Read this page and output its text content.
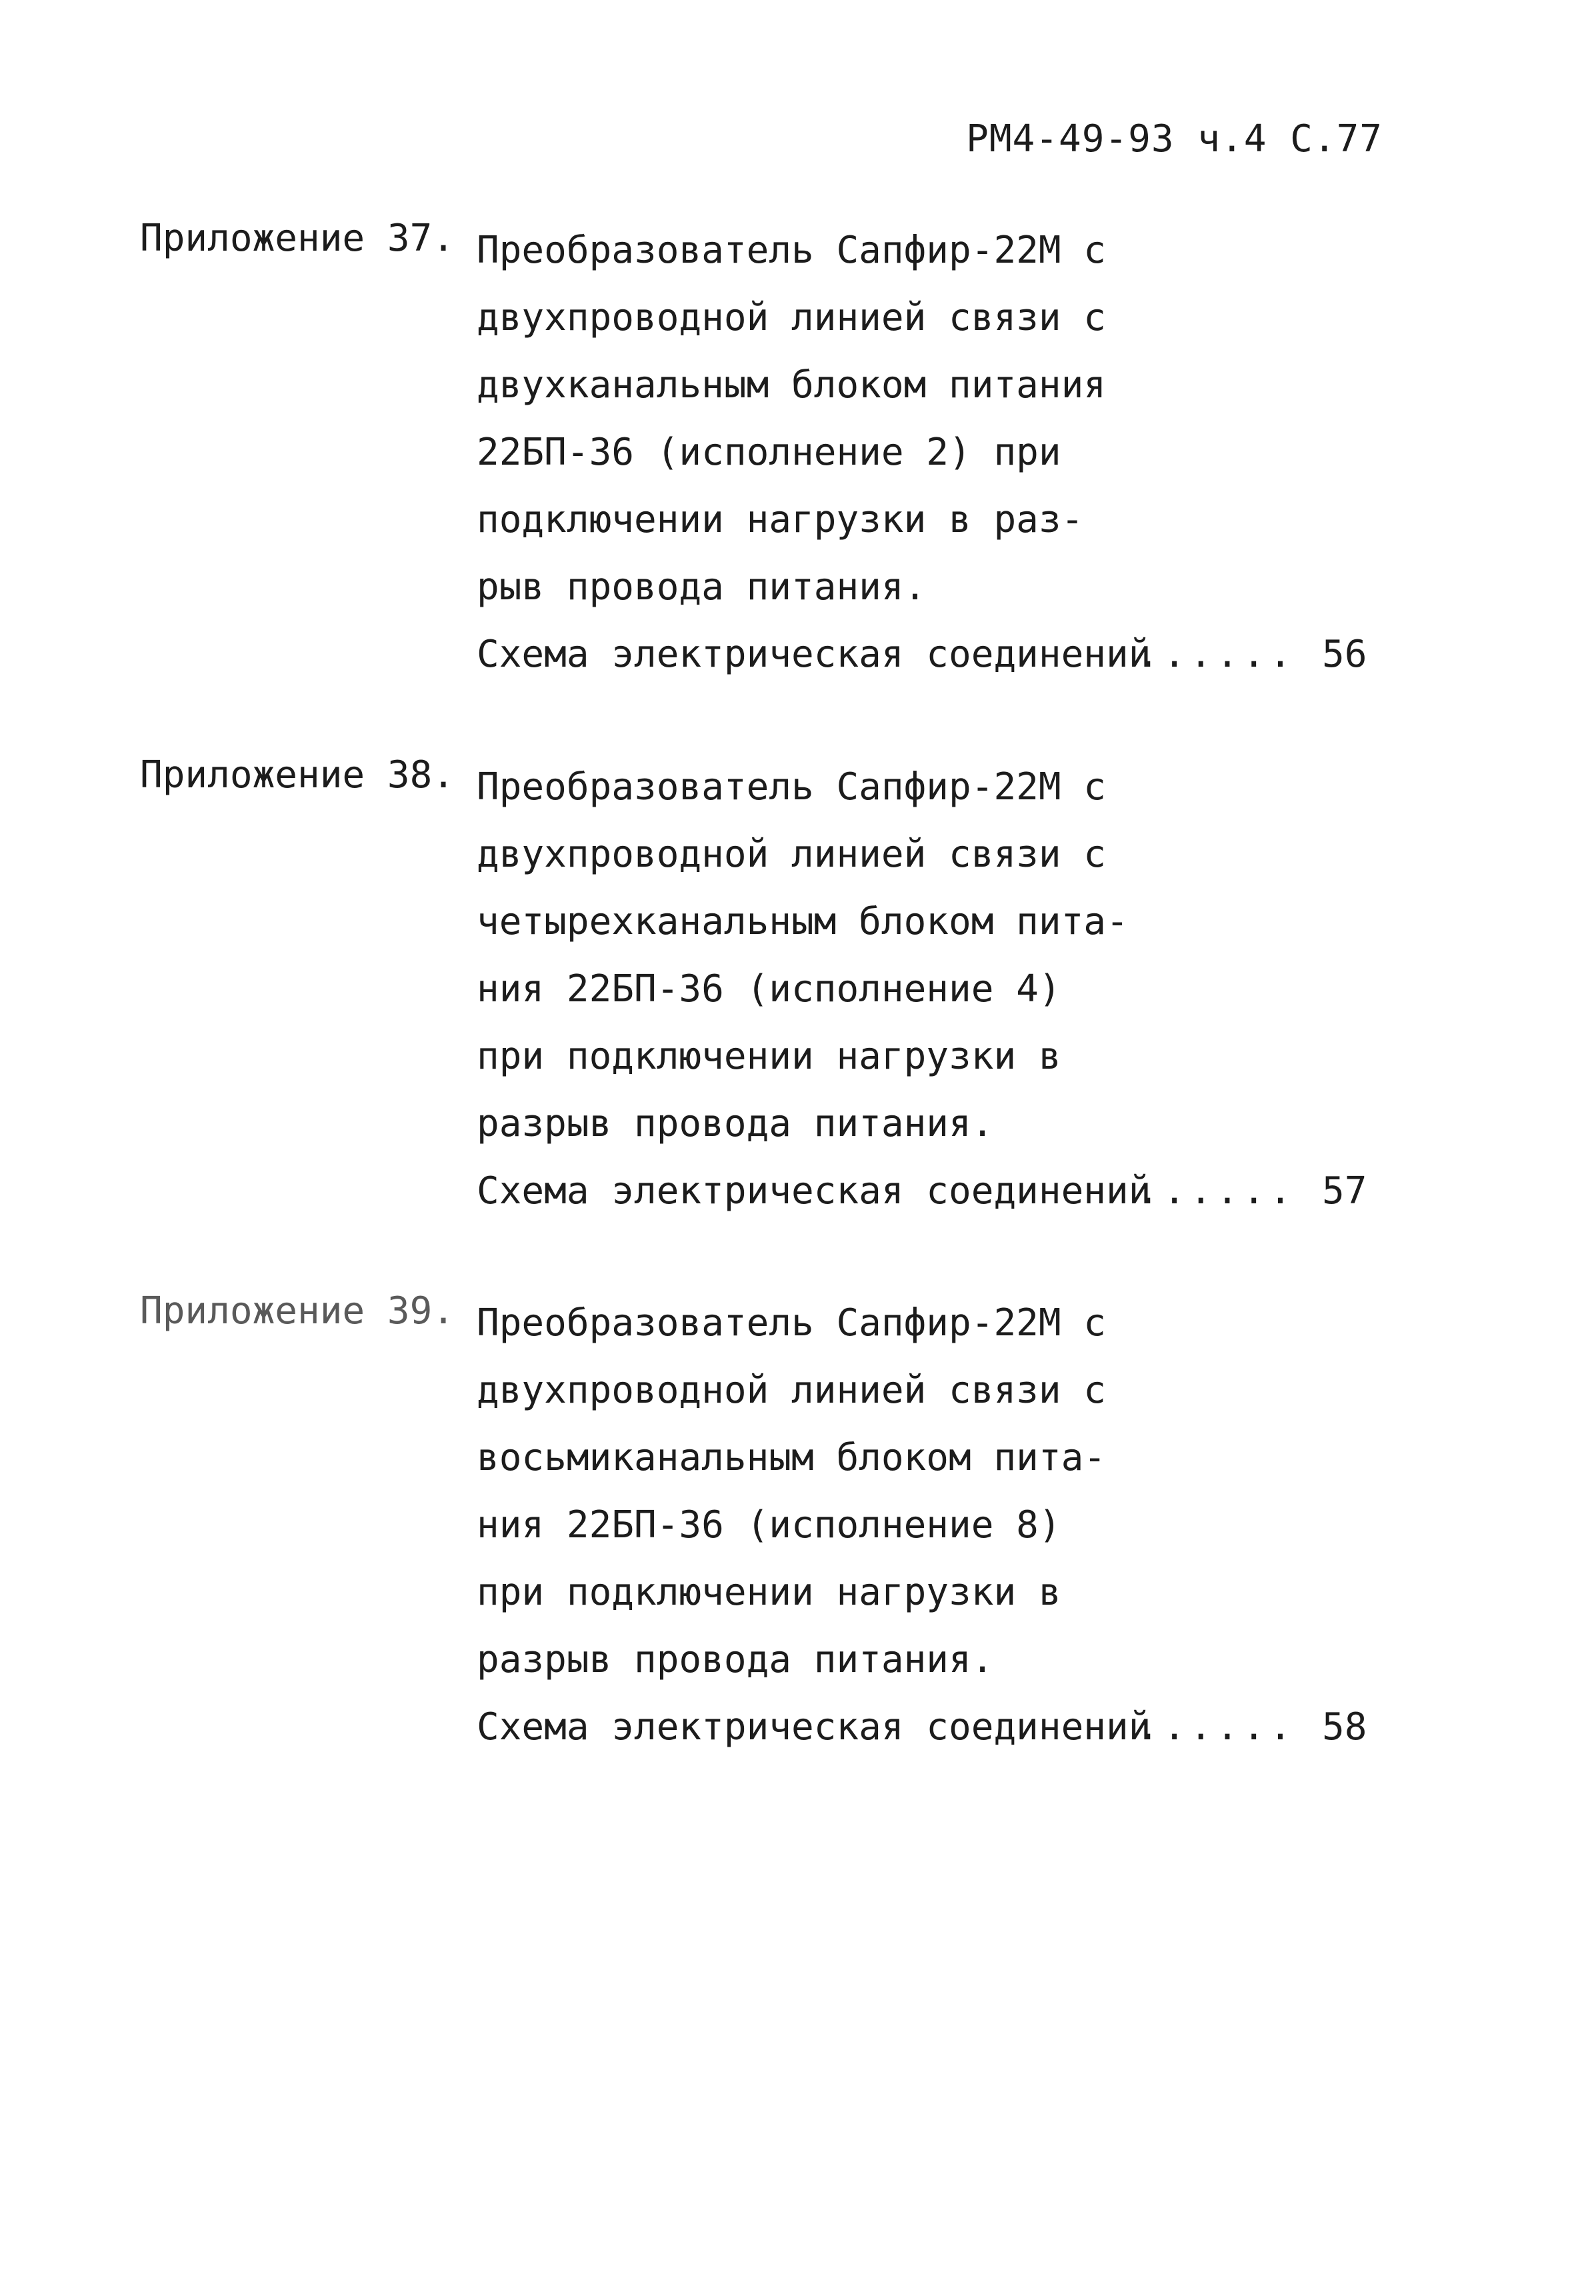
РМ4-49-93 ч.4 С.77
Приложение 37. Преобразователь Сапфир-22М с
двухпроводной линией связи с
двухканальным блоком питания
22БП-36 (исполнение 2) при
подключении нагрузки в раз-
рыв провода питания.
Схема электрическая соединений
...... 56
Приложение 38. Преобразователь Сапфир-22М с
двухпроводной линией связи с
четырехканальным блоком пита-
ния 22БП-36 (исполнение 4)
при подключении нагрузки в
разрыв провода питания.
Схема электрическая соединений
...... 57
Приложение 39. Преобразователь Сапфир-22М с
двухпроводной линией связи с
восьмиканальным блоком пита-
ния 22БП-36 (исполнение 8)
при подключении нагрузки в
разрыв провода питания.
Схема электрическая соединений
...... 58
